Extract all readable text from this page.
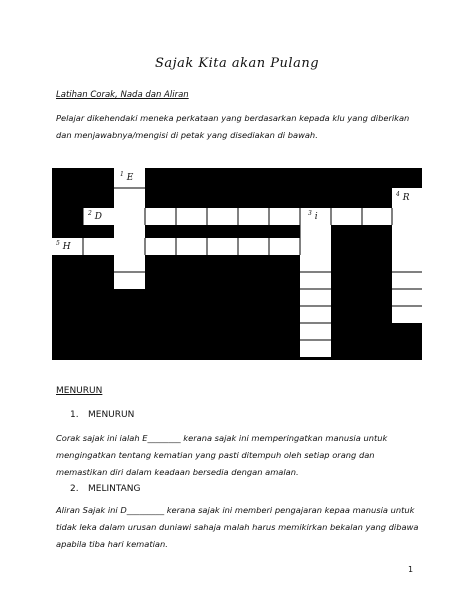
Sajak Kita akan Pulang
Latihan Corak, Nada dan Aliran
Pelajar dikehendaki meneka perkataan yang berdasarkan kepada klu yang diberikan dan menjawabnya/mengisi di petak yang disediakan di bawah.
$^1$ E
$^2$ D	$^3$ i
$^4$ R
$^5$ H
MENURUN
1. MENURUN
Corak sajak ini ialah E________ kerana sajak ini memperingatkan manusia untuk mengingatkan tentang kematian yang pasti ditempuh oleh setiap orang dan memastikan diri dalam keadaan bersedia dengan amalan.
2. MELINTANG
Aliran Sajak ini D_________ kerana sajak ini memberi pengajaran kepaa manusia untuk tidak leka dalam urusan duniawi sahaja malah harus memikirkan bekalan yang dibawa apabila tiba hari kematian.
1
